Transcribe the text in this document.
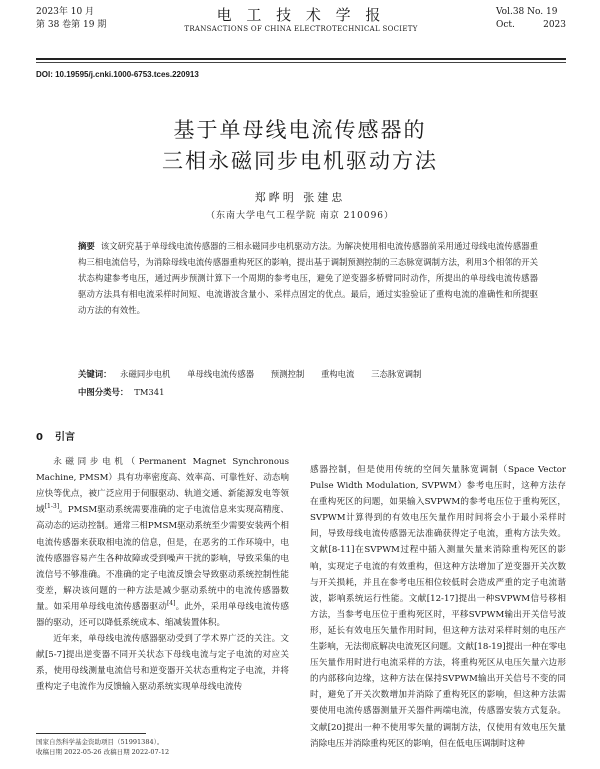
2023年 10 月
第 38 卷第 19 期
电 工 技 术 学 报
TRANSACTIONS OF CHINA ELECTROTECHNICAL SOCIETY
Vol.38 No. 19
Oct.	2023
DOI: 10.19595/j.cnki.1000-6753.tces.220913
基于单母线电流传感器的
三相永磁同步电机驱动方法
郑晔明 张建忠
（东南大学电气工程学院 南京 210096）
摘要 该文研究基于单母线电流传感器的三相永磁同步电机驱动方法。为解决使用相电流传感器前采用通过母线电流传感器重构三相电流信号，为消除母线电流传感器重构死区的影响，提出基于调制预测控制的三态脉宽调制方法，利用3个相邻的开关状态构建参考电压，通过两步预测计算下一个周期的参考电压，避免了逆变器多桥臂同时动作，所提出的单母线电流传感器驱动方法具有相电流采样时间短、电流谐波含量小、采样点固定的优点。最后，通过实验验证了重构电流的准确性和所提驱动方法的有效性。
关键词： 永磁同步电机 单母线电流传感器 预测控制 重构电流 三态脉宽调制
中图分类号： TM341
0 引言

永磁同步电机（Permanent Magnet Synchronous Machine, PMSM）具有功率密度高、效率高、可靠性好、动态响应快等优点，被广泛应用于伺服驱动、轨道交通、新能源发电等领域[1-3]。PMSM驱动系统需要准确的定子电流信息来实现高精度、高动态的运动控制。通常三相PMSM驱动系统至少需要安装两个相电流传感器来获取相电流的信息，但是，在恶劣的工作环境中，电流传感器容易产生各种故障或受到噪声干扰的影响，导致采集的电流信号不够准确。不准确的定子电流反馈会导致驱动系统控制性能变差，解决该问题的一种方法是减少驱动系统中的电流传感器数量。如采用单母线电流传感器驱动[4]。此外，采用单母线电流传感器的驱动，还可以降低系统成本、缩减装置体积。

近年来，单母线电流传感器驱动受到了学术界广泛的关注。文献[5-7]提出逆变器不同开关状态下母线电流与定子电流的对应关系，使用母线测量电流信号和逆变器开关状态重构定子电流，并将重构定子电流作为反馈输入驱动系统实现单母线电流传

感器控制，但是使用传统的空间矢量脉宽调制（Space Vector Pulse Width Modulation, SVPWM）参考电压时，这种方法存在重构死区的问题，如果输入SVPWM的参考电压位于重构死区，SVPWM计算得到的有效电压矢量作用时间将会小于最小采样时间，导致母线电流传感器无法准确获得定子电流，重构方法失效。文献[8-11]在SVPWM过程中插入测量矢量来消除重构死区的影响，实现定子电流的有效重构，但这种方法增加了逆变器开关次数与开关损耗，并且在参考电压相位较低时会造成严重的定子电流谐波，影响系统运行性能。文献[12-17]提出一种SVPWM信号移相方法，当参考电压位于重构死区时，平移SVPWM输出开关信号波形，延长有效电压矢量作用时间，但这种方法对采样时刻的电压产生影响，无法彻底解决电流死区问题。文献[18-19]提出一种在零电压矢量作用时进行电流采样的方法，将重构死区从电压矢量六边形的内部移向边缘，这种方法在保持SVPWM输出开关信号不变的同时，避免了开关次数增加并消除了重构死区的影响，但这种方法需要使用电流传感器测量开关器件两端电流，传感器安装方式复杂。文献[20]提出一种不使用零矢量的调制方法，仅使用有效电压矢量消除电压并消除重构死区的影响，但在低电压调制时这种

国家自然科学基金资助项目（51991384）。
收稿日期 2022-05-26 改稿日期 2022-07-12
